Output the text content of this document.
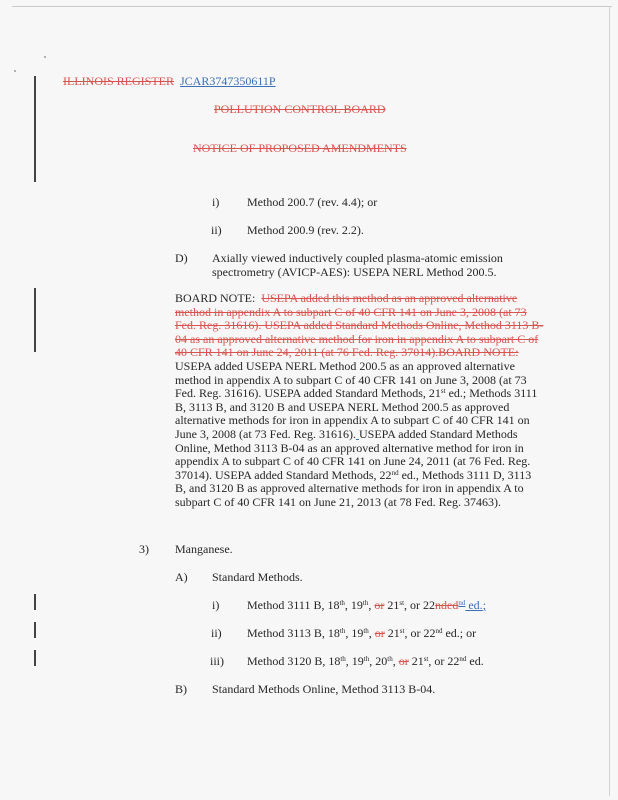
ILLINOIS REGISTER JCAR3747350611P
POLLUTION CONTROL BOARD
NOTICE OF PROPOSED AMENDMENTS
i) Method 200.7 (rev. 4.4); or
ii) Method 200.9 (rev. 2.2).
D) Axially viewed inductively coupled plasma-atomic emission
spectrometry (AVICP-AES): USEPA NERL Method 200.5.
BOARD NOTE: USEPA added this method as an approved alternative method in appendix A to subpart C of 40 CFR 141 on June 3, 2008 (at 73 Fed. Reg. 31616). USEPA added Standard Methods Online, Method 3113 B-04 as an approved alternative method for iron in appendix A to subpart C of 40 CFR 141 on June 24, 2011 (at 76 Fed. Reg. 37014).BOARD NOTE: USEPA added USEPA NERL Method 200.5 as an approved alternative method in appendix A to subpart C of 40 CFR 141 on June 3, 2008 (at 73 Fed. Reg. 31616). USEPA added Standard Methods, 21st ed.; Methods 3111 B, 3113 B, and 3120 B and USEPA NERL Method 200.5 as approved alternative methods for iron in appendix A to subpart C of 40 CFR 141 on June 3, 2008 (at 73 Fed. Reg. 31616). USEPA added Standard Methods Online, Method 3113 B-04 as an approved alternative method for iron in appendix A to subpart C of 40 CFR 141 on June 24, 2011 (at 76 Fed. Reg. 37014). USEPA added Standard Methods, 22nd ed., Methods 3111 D, 3113 B, and 3120 B as approved alternative methods for iron in appendix A to subpart C of 40 CFR 141 on June 21, 2013 (at 78 Fed. Reg. 37463).
3) Manganese.
A) Standard Methods.
i) Method 3111 B, 18th, 19th, or 21st, or 22nded$^{nd}$ ed.;
ii) Method 3113 B, 18th, 19th, or 21st, or 22nd ed.; or
iii) Method 3120 B, 18th, 19th, 20th, or 21st, or 22nd ed.
B) Standard Methods Online, Method 3113 B-04.
